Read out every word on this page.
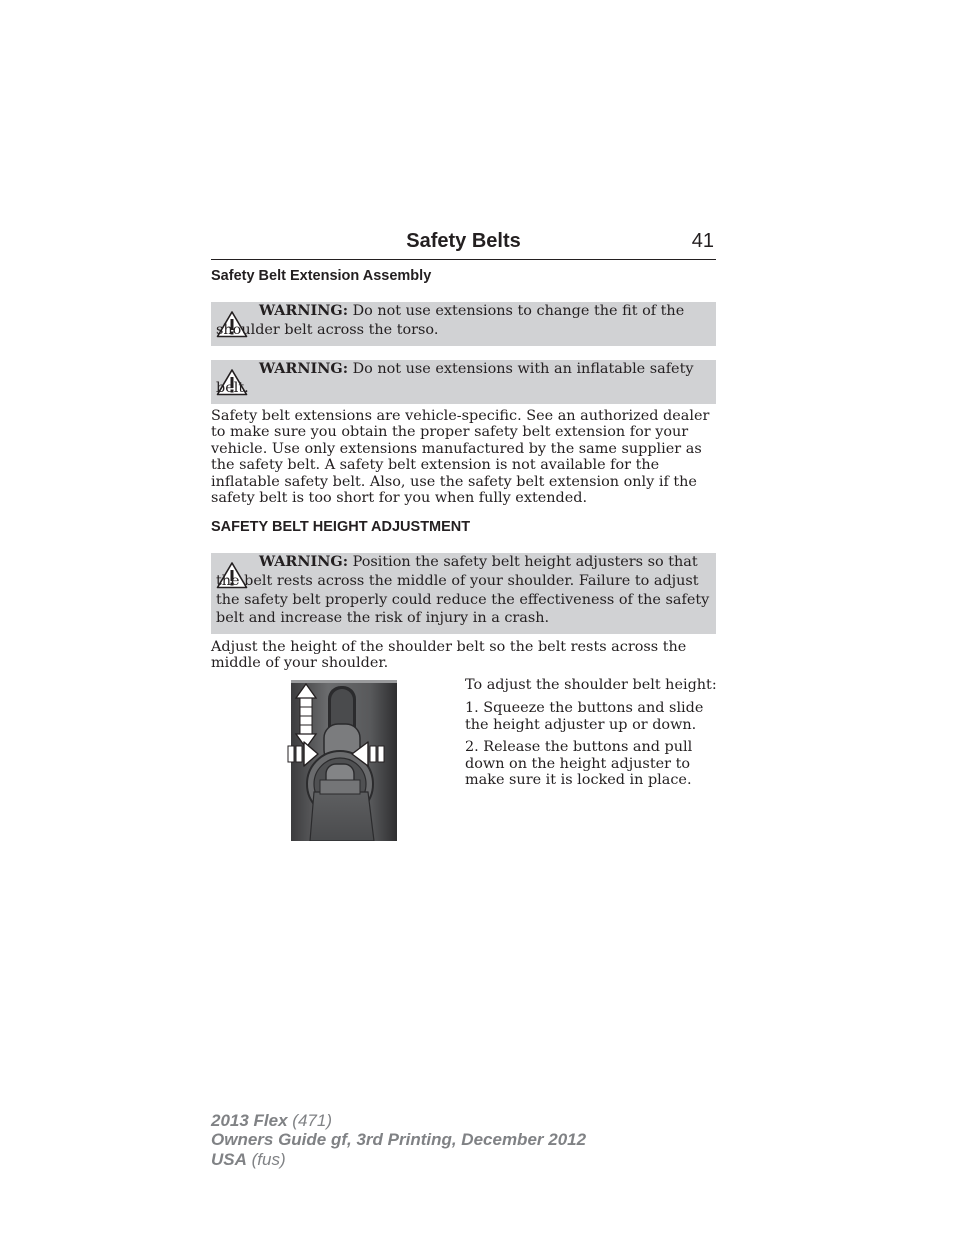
Safety Belts	41
Safety Belt Extension Assembly
WARNING: Do not use extensions to change the fit of the shoulder belt across the torso.
WARNING: Do not use extensions with an inflatable safety belt.

Safety belt extensions are vehicle-specific. See an authorized dealer to make sure you obtain the proper safety belt extension for your vehicle. Use only extensions manufactured by the same supplier as the safety belt. A safety belt extension is not available for the inflatable safety belt. Also, use the safety belt extension only if the safety belt is too short for you when fully extended.

SAFETY BELT HEIGHT ADJUSTMENT
WARNING: Position the safety belt height adjusters so that the belt rests across the middle of your shoulder. Failure to adjust the safety belt properly could reduce the effectiveness of the safety belt and increase the risk of injury in a crash.

Adjust the height of the shoulder belt so the belt rests across the middle of your shoulder.

To adjust the shoulder belt height:

1. Squeeze the buttons and slide the height adjuster up or down.

2. Release the buttons and pull down on the height adjuster to make sure it is locked in place.

2013 Flex (471)
Owners Guide gf, 3rd Printing, December 2012
USA (fus)
